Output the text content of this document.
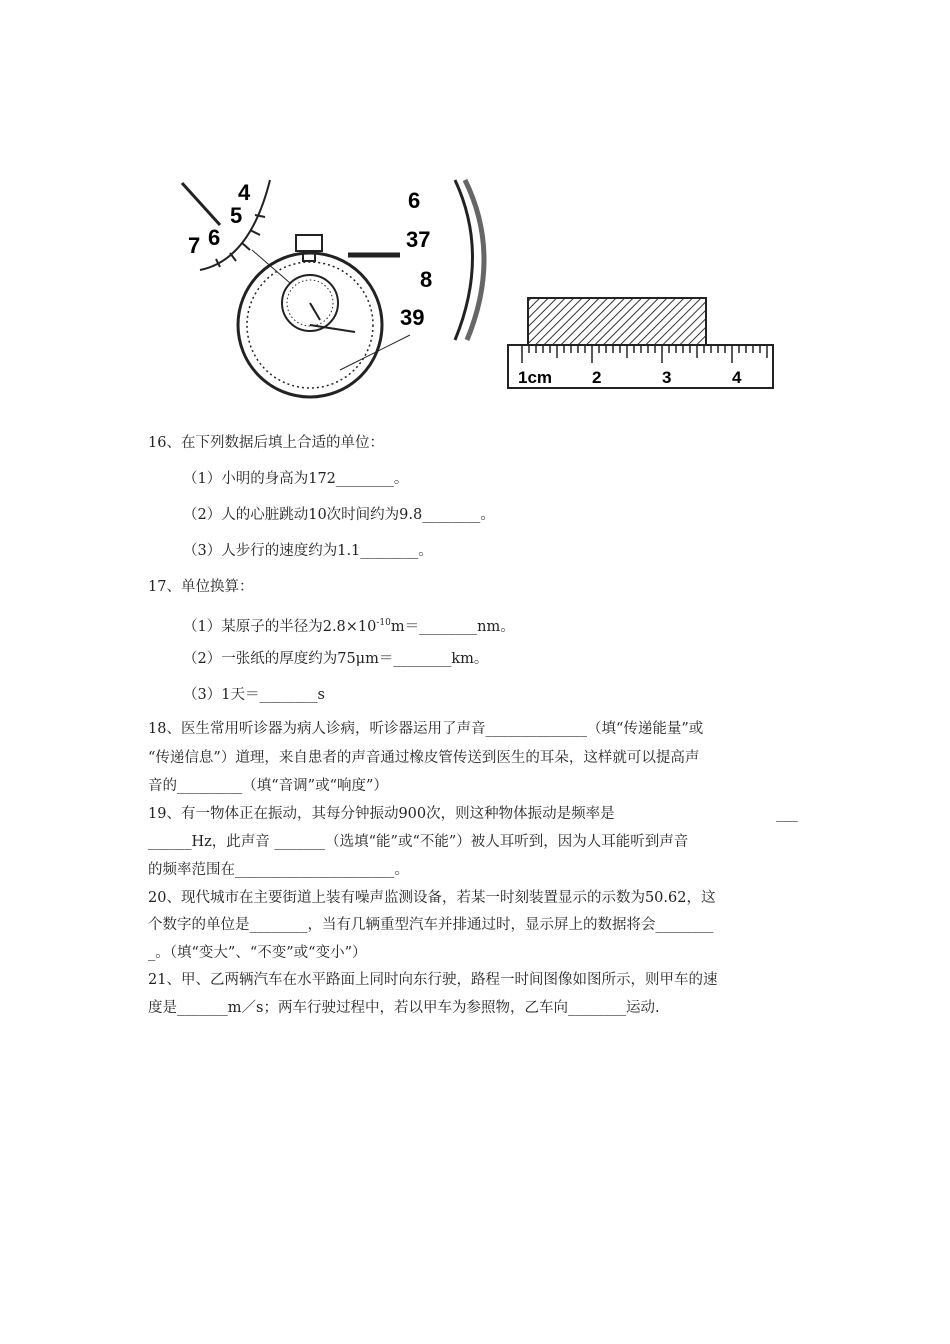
4
5
6
7
6
37
8
39
1cm 2	3	4
16、在下列数据后填上合适的单位：
（1）小明的身高为172________。
（2）人的心脏跳动10次时间约为9.8________。
（3）人步行的速度约为1.1________。
17、单位换算：
（1）某原子的半径为$2.8\times 10^{-10}m=\_\_\_\_\_\_\_\_nm$。
（2）一张纸的厚度约为75μm＝________km。
（3）1天＝________s
18、医生常用听诊器为病人诊病，听诊器运用了声音______________（填“传递能量”或
“传递信息”）道理，来自患者的声音通过橡皮管传送到医生的耳朵，这样就可以提高声
音的_________（填“音调”或“响度”）
19、有一物体正在振动，其每分钟振动900次，则这种物体振动是频率是	___
______Hz，此声音 _______（选填“能”或“不能”）被人耳听到，因为人耳能听到声音
的频率范围在______________________。
20、现代城市在主要街道上装有噪声监测设备，若某一时刻装置显示的示数为50.62，这
个数字的单位是________，当有几辆重型汽车并排通过时，显示屏上的数据将会________
_。（填“变大”、“不变”或“变小”）
21、甲、乙两辆汽车在水平路面上同时向东行驶，路程一时间图像如图所示，则甲车的速
度是_______m／s；两车行驶过程中，若以甲车为参照物，乙车向________运动.
